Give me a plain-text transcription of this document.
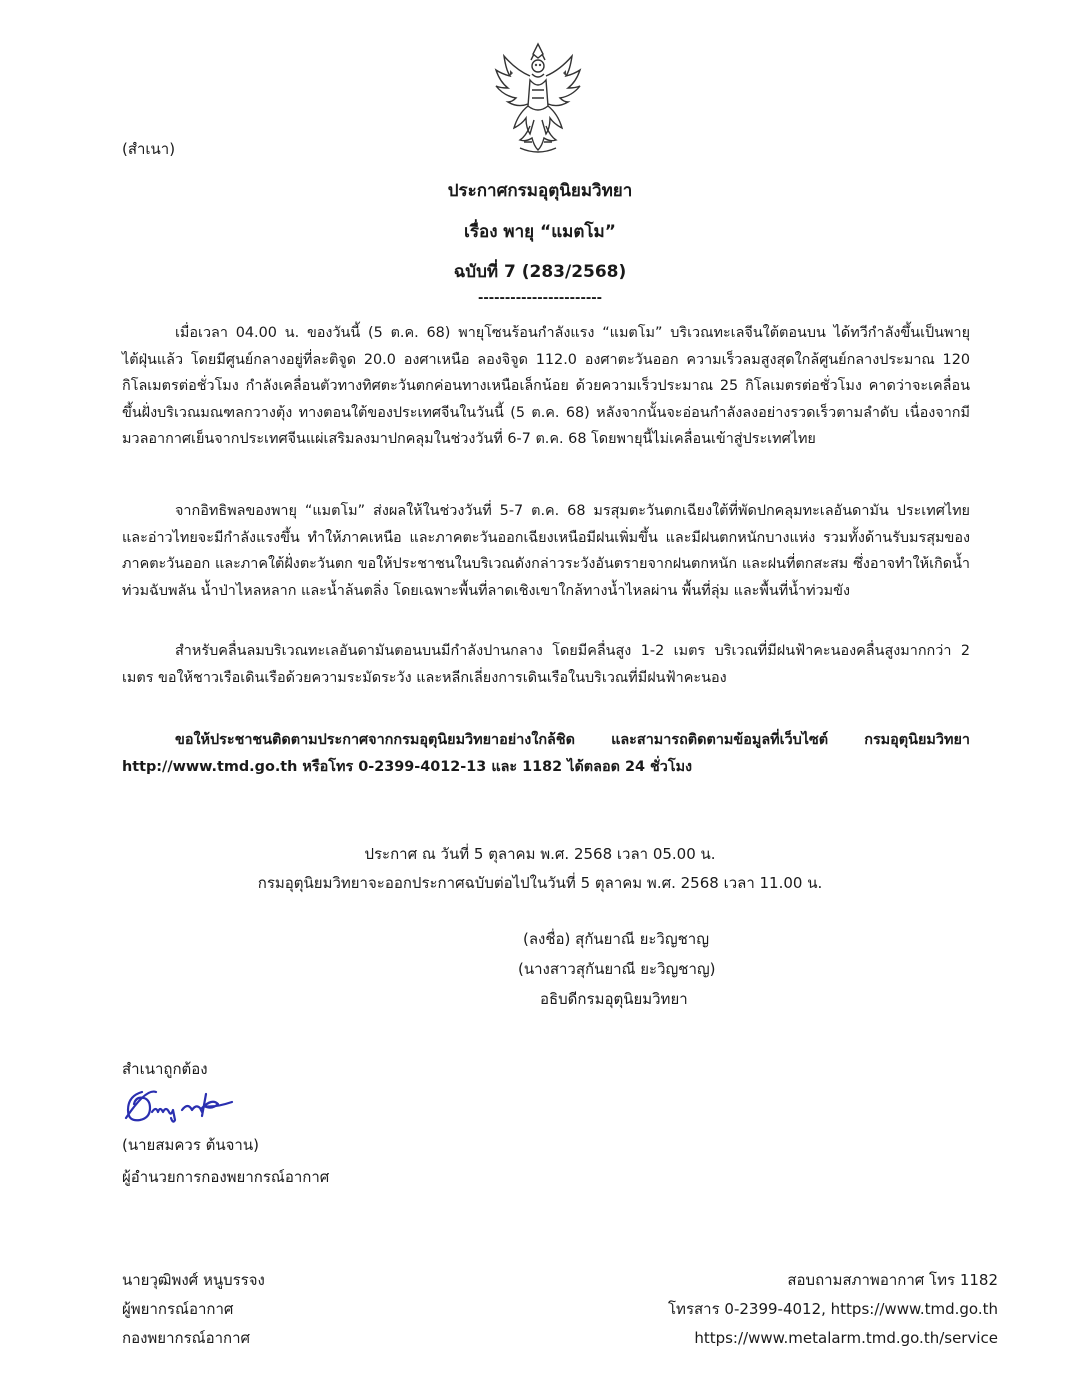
(สำเนา)
ประกาศกรมอุตุนิยมวิทยา
เรื่อง พายุ “แมตโม”
ฉบับที่ 7 (283/2568)
-----------------------

เมื่อเวลา 04.00 น. ของวันนี้ (5 ต.ค. 68) พายุโซนร้อนกำลังแรง “แมตโม” บริเวณทะเลจีนใต้ตอนบน ได้ทวีกำลังขึ้นเป็นพายุไต้ฝุ่นแล้ว โดยมีศูนย์กลางอยู่ที่ละติจูด 20.0 องศาเหนือ ลองจิจูด 112.0 องศาตะวันออก ความเร็วลมสูงสุดใกล้ศูนย์กลางประมาณ 120 กิโลเมตรต่อชั่วโมง กำลังเคลื่อนตัวทางทิศตะวันตกค่อนทางเหนือเล็กน้อย ด้วยความเร็วประมาณ 25 กิโลเมตรต่อชั่วโมง คาดว่าจะเคลื่อนขึ้นฝั่งบริเวณมณฑลกวางตุ้ง ทางตอนใต้ของประเทศจีนในวันนี้ (5 ต.ค. 68) หลังจากนั้นจะอ่อนกำลังลงอย่างรวดเร็วตามลำดับ เนื่องจากมีมวลอากาศเย็นจากประเทศจีนแผ่เสริมลงมาปกคลุมในช่วงวันที่ 6-7 ต.ค. 68 โดยพายุนี้ไม่เคลื่อนเข้าสู่ประเทศไทย

จากอิทธิพลของพายุ “แมตโม” ส่งผลให้ในช่วงวันที่ 5-7 ต.ค. 68 มรสุมตะวันตกเฉียงใต้ที่พัดปกคลุมทะเลอันดามัน ประเทศไทย และอ่าวไทยจะมีกำลังแรงขึ้น ทำให้ภาคเหนือ และภาคตะวันออกเฉียงเหนือมีฝนเพิ่มขึ้น และมีฝนตกหนักบางแห่ง รวมทั้งด้านรับมรสุมของภาคตะวันออก และภาคใต้ฝั่งตะวันตก ขอให้ประชาชนในบริเวณดังกล่าวระวังอันตรายจากฝนตกหนัก และฝนที่ตกสะสม ซึ่งอาจทำให้เกิดน้ำท่วมฉับพลัน น้ำป่าไหลหลาก และน้ำล้นตลิ่ง โดยเฉพาะพื้นที่ลาดเชิงเขาใกล้ทางน้ำไหลผ่าน พื้นที่ลุ่ม และพื้นที่น้ำท่วมขัง

สำหรับคลื่นลมบริเวณทะเลอันดามันตอนบนมีกำลังปานกลาง โดยมีคลื่นสูง 1-2 เมตร บริเวณที่มีฝนฟ้าคะนองคลื่นสูงมากกว่า 2 เมตร ขอให้ชาวเรือเดินเรือด้วยความระมัดระวัง และหลีกเลี่ยงการเดินเรือในบริเวณที่มีฝนฟ้าคะนอง

ขอให้ประชาชนติดตามประกาศจากกรมอุตุนิยมวิทยาอย่างใกล้ชิด และสามารถติดตามข้อมูลที่เว็บไซต์ กรมอุตุนิยมวิทยา http://www.tmd.go.th หรือโทร 0-2399-4012-13 และ 1182 ได้ตลอด 24 ชั่วโมง

ประกาศ ณ วันที่ 5 ตุลาคม พ.ศ. 2568 เวลา 05.00 น.
กรมอุตุนิยมวิทยาจะออกประกาศฉบับต่อไปในวันที่ 5 ตุลาคม พ.ศ. 2568 เวลา 11.00 น.
(ลงชื่อ) สุกันยาณี ยะวิญชาญ
(นางสาวสุกันยาณี ยะวิญชาญ)
อธิบดีกรมอุตุนิยมวิทยา
สำเนาถูกต้อง
(นายสมควร ต้นจาน)
ผู้อำนวยการกองพยากรณ์อากาศ
นายวุฒิพงศ์ หนูบรรจง
ผู้พยากรณ์อากาศ
กองพยากรณ์อากาศ
สอบถามสภาพอากาศ โทร 1182
โทรสาร 0-2399-4012, https://www.tmd.go.th
https://www.metalarm.tmd.go.th/service
